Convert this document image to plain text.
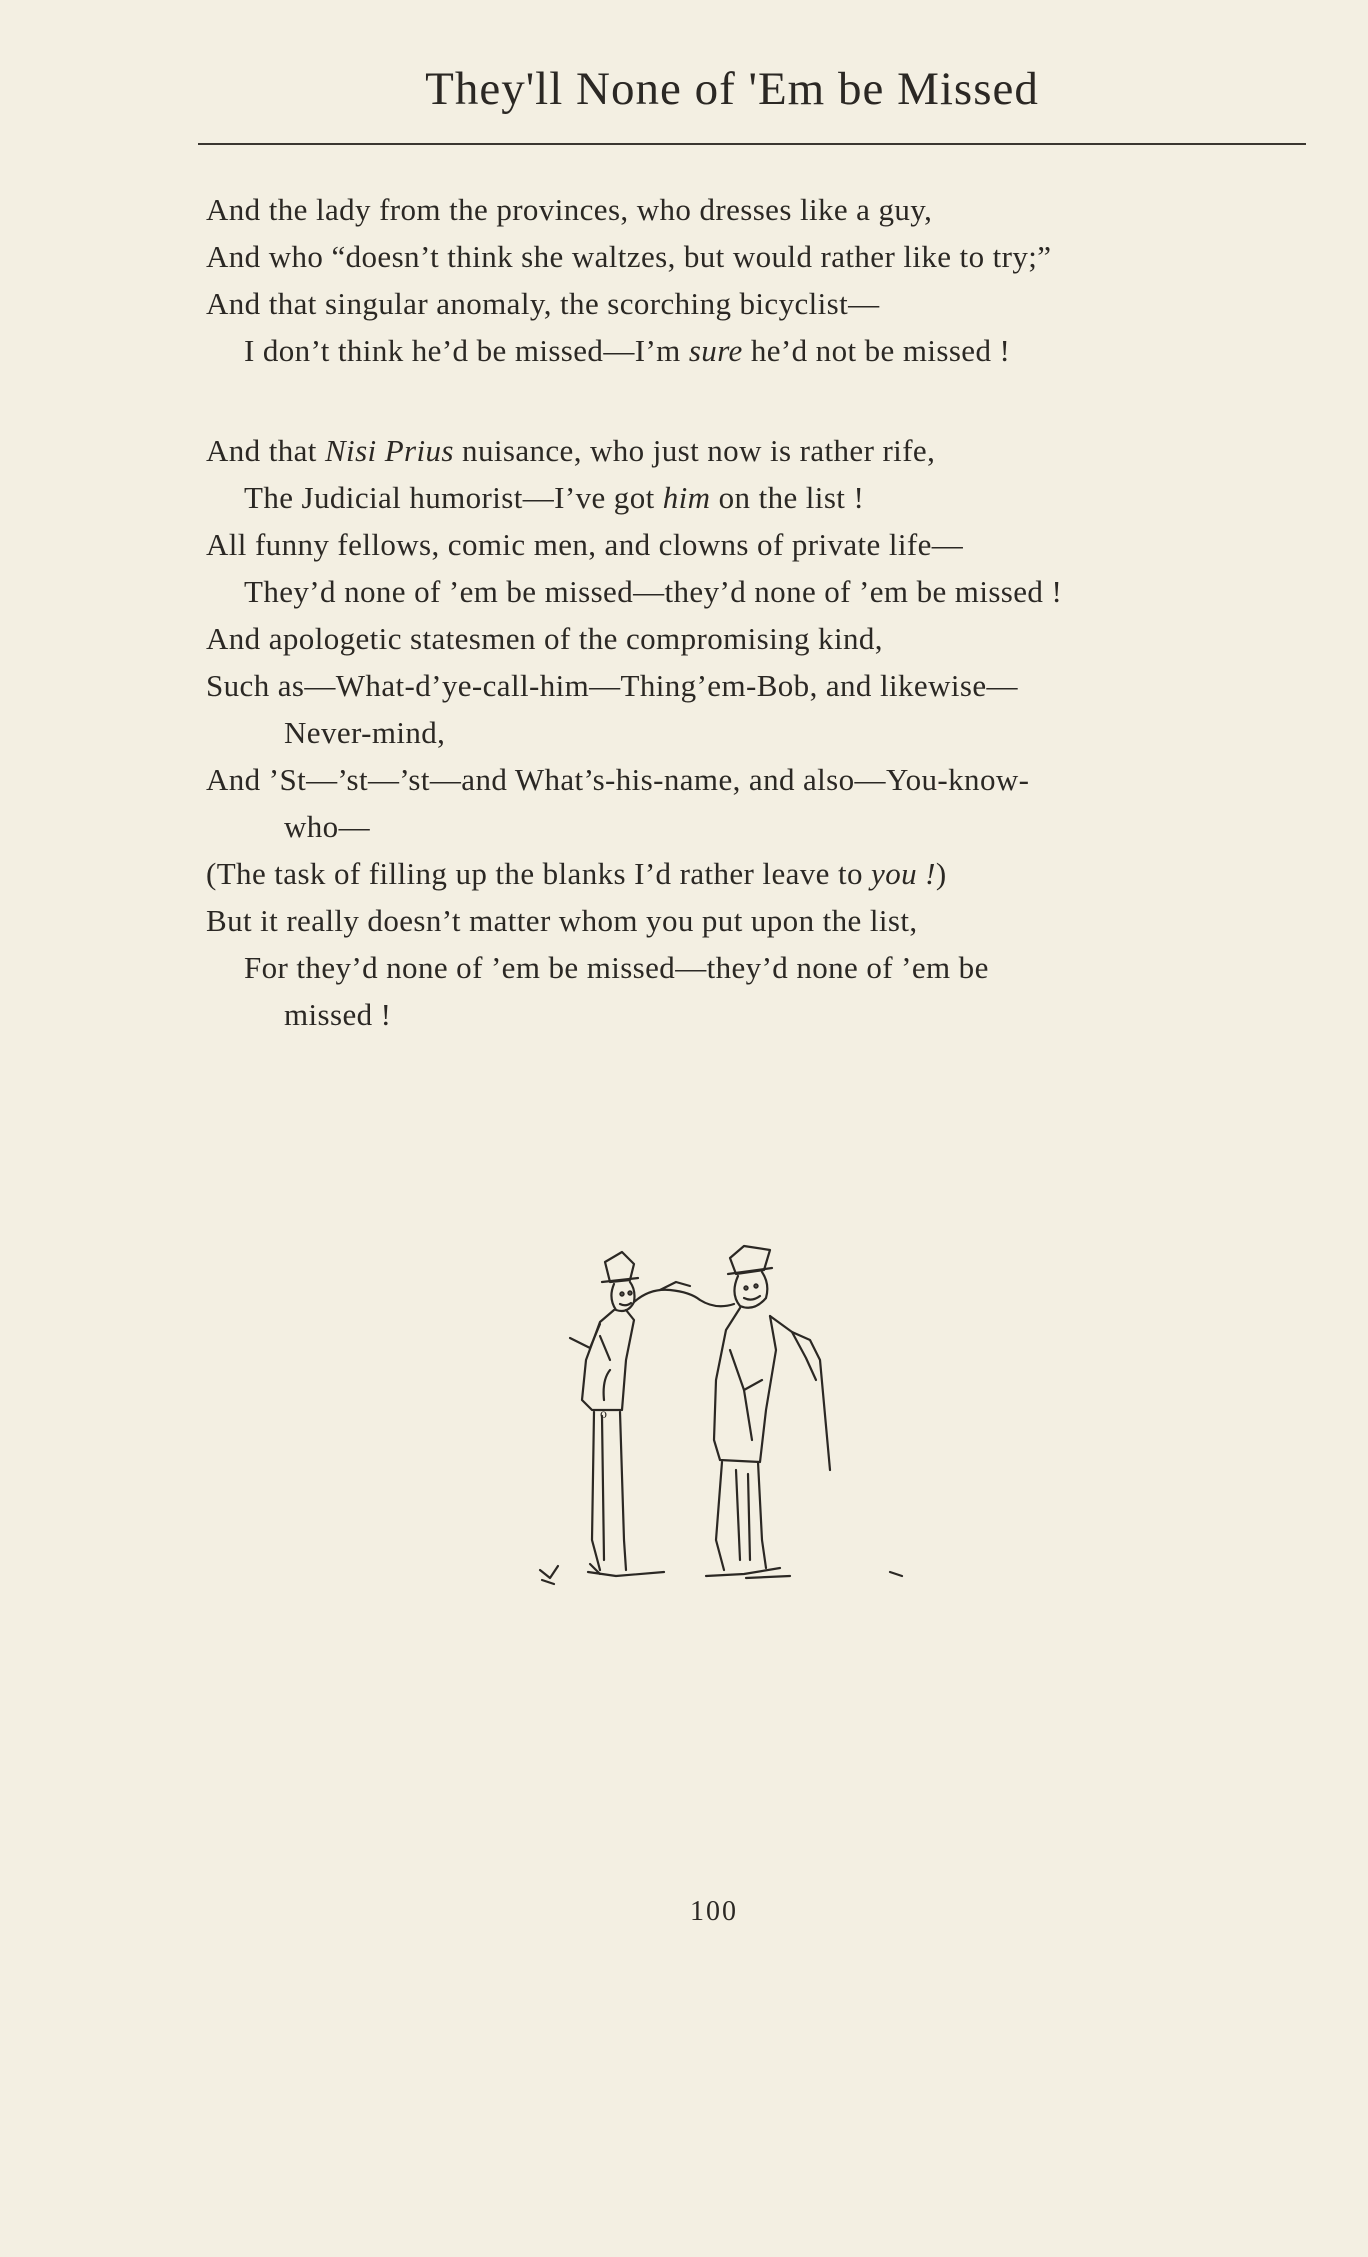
They'll None of 'Em be Missed
And the lady from the provinces, who dresses like a guy,
And who “doesn’t think she waltzes, but would rather like to try;”
And that singular anomaly, the scorching bicyclist—
I don’t think he’d be missed—I’m sure he’d not be missed !
And that Nisi Prius nuisance, who just now is rather rife,
The Judicial humorist—I’ve got him on the list !
All funny fellows, comic men, and clowns of private life—
They’d none of ’em be missed—they’d none of ’em be missed !
And apologetic statesmen of the compromising kind,
Such as—What-d’ye-call-him—Thing’em-Bob, and likewise—
Never-mind,
And ’St—’st—’st—and What’s-his-name, and also—You-know-
who—
(The task of filling up the blanks I’d rather leave to you !)
But it really doesn’t matter whom you put upon the list,
For they’d none of ’em be missed—they’d none of ’em be
missed !
o
100
